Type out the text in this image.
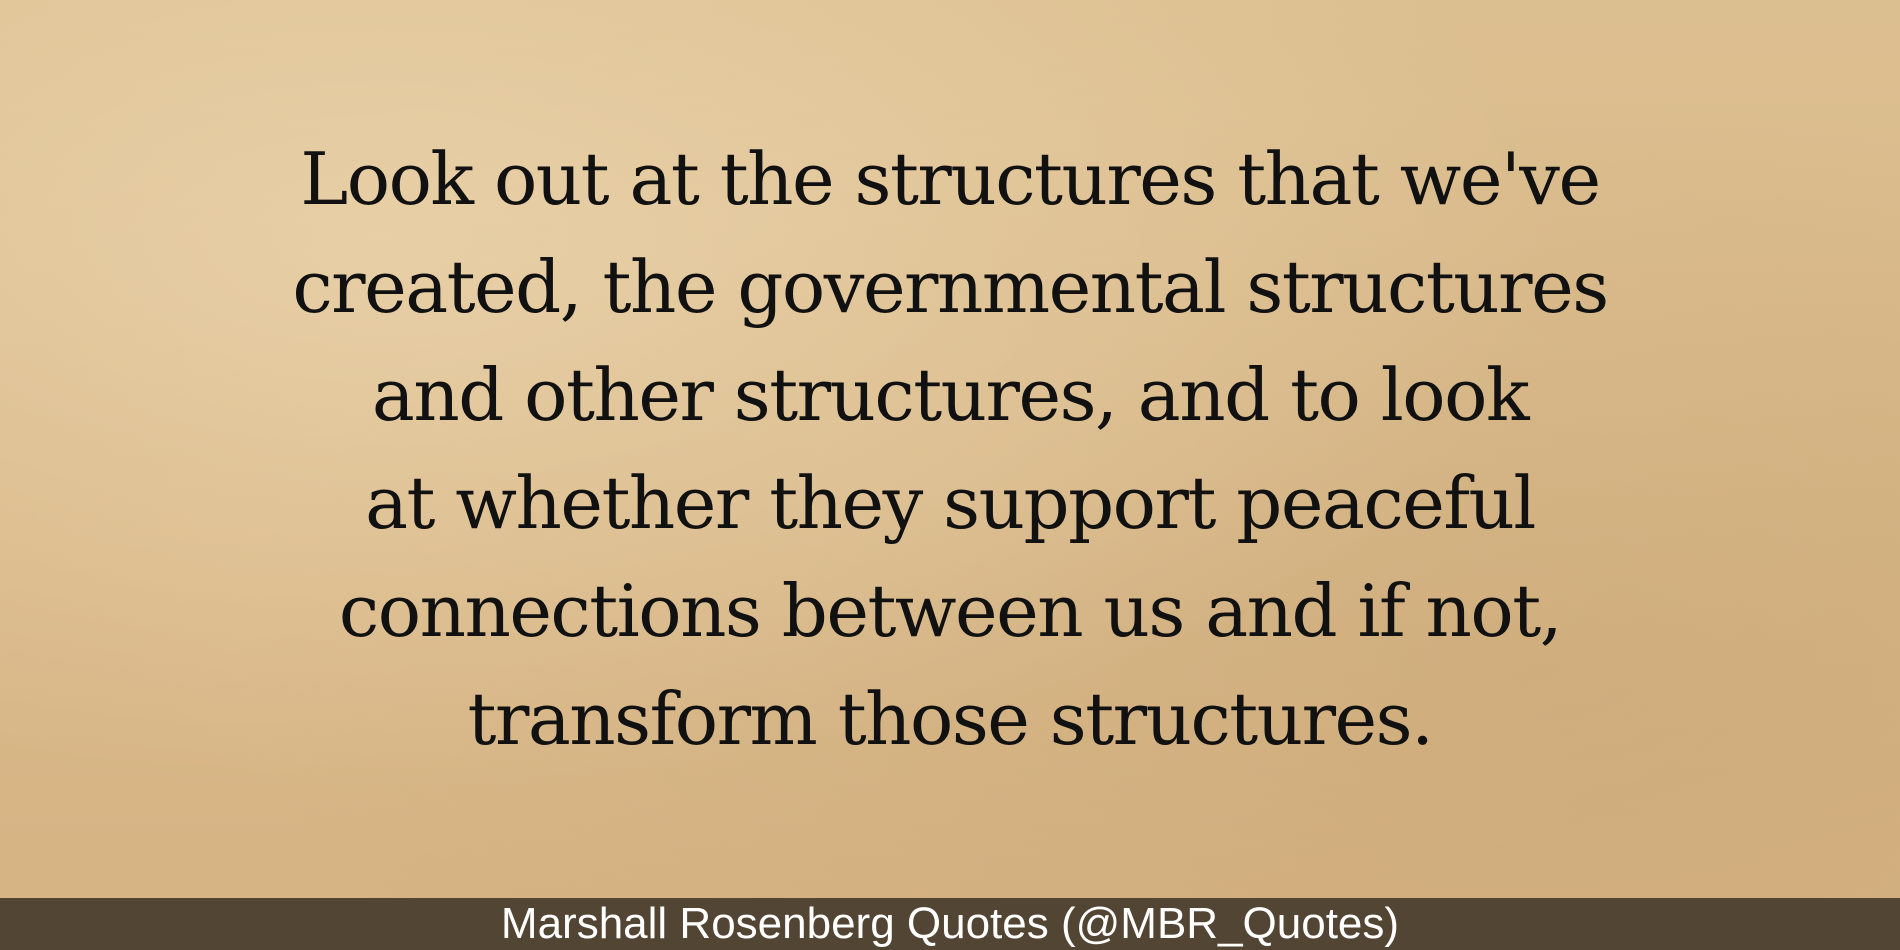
Look out at the structures that we've
created, the governmental structures
and other structures, and to look
at whether they support peaceful
connections between us and if not,
transform those structures.

Marshall Rosenberg Quotes (@MBR_Quotes)
